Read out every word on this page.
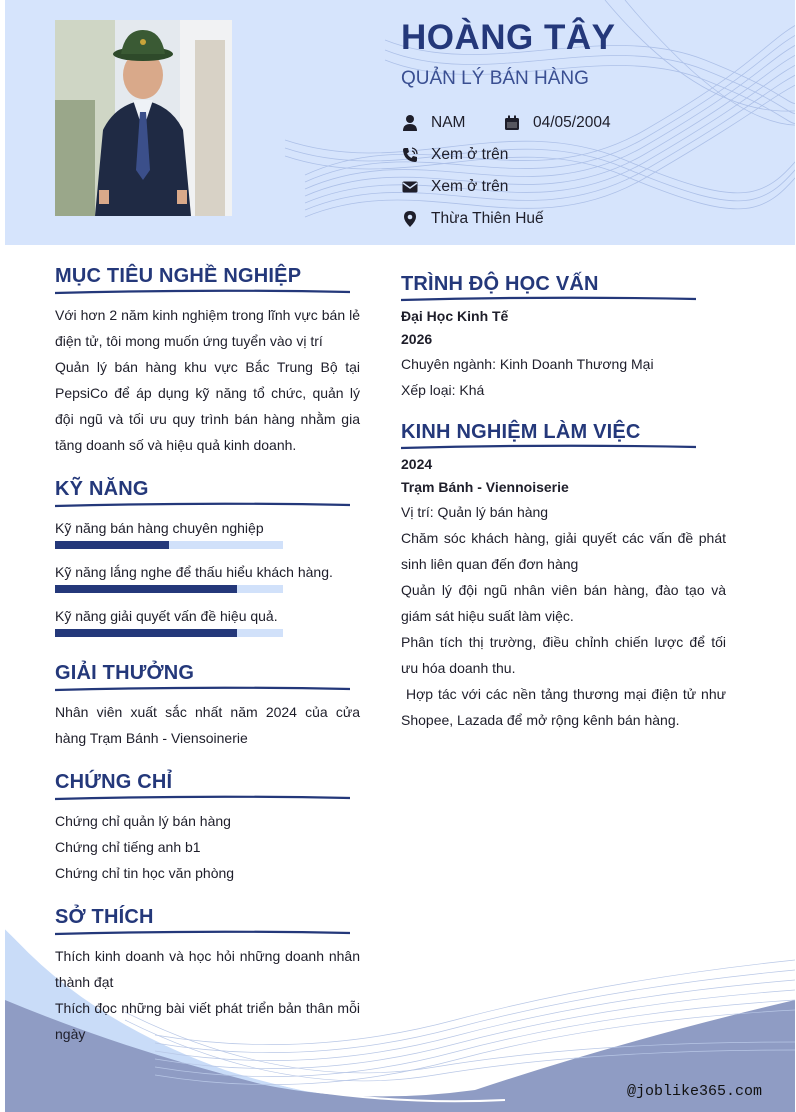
HOÀNG TÂY
QUẢN LÝ BÁN HÀNG
NAM	04/05/2004
Xem ở trên
Xem ở trên
Thừa Thiên Huế
MỤC TIÊU NGHỀ NGHIỆP

Với hơn 2 năm kinh nghiệm trong lĩnh vực bán lẻ điện tử, tôi mong muốn ứng tuyển vào vị trí

Quản lý bán hàng khu vực Bắc Trung Bộ tại PepsiCo để áp dụng kỹ năng tổ chức, quản lý đội ngũ và tối ưu quy trình bán hàng nhằm gia tăng doanh số và hiệu quả kinh doanh.

KỸ NĂNG
Kỹ năng bán hàng chuyên nghiệp
Kỹ năng lắng nghe để thấu hiểu khách hàng.
Kỹ năng giải quyết vấn đề hiệu quả.
GIẢI THƯỞNG

Nhân viên xuất sắc nhất năm 2024 của cửa hàng Trạm Bánh - Viensoinerie

CHỨNG CHỈ
Chứng chỉ quản lý bán hàng
Chứng chỉ tiếng anh b1
Chứng chỉ tin học văn phòng
SỞ THÍCH

Thích kinh doanh và học hỏi những doanh nhân thành đạt

Thích đọc những bài viết phát triển bản thân mỗi ngày

TRÌNH ĐỘ HỌC VẤN
Đại Học Kinh Tế
2026
Chuyên ngành: Kinh Doanh Thương Mại
Xếp loại: Khá
KINH NGHIỆM LÀM VIỆC
2024
Trạm Bánh - Viennoiserie
Vị trí: Quản lý bán hàng

Chăm sóc khách hàng, giải quyết các vấn đề phát sinh liên quan đến đơn hàng

Quản lý đội ngũ nhân viên bán hàng, đào tạo và giám sát hiệu suất làm việc.

Phân tích thị trường, điều chỉnh chiến lược để tối ưu hóa doanh thu.

Hợp tác với các nền tảng thương mại điện tử như Shopee, Lazada để mở rộng kênh bán hàng.

@joblike365.com
